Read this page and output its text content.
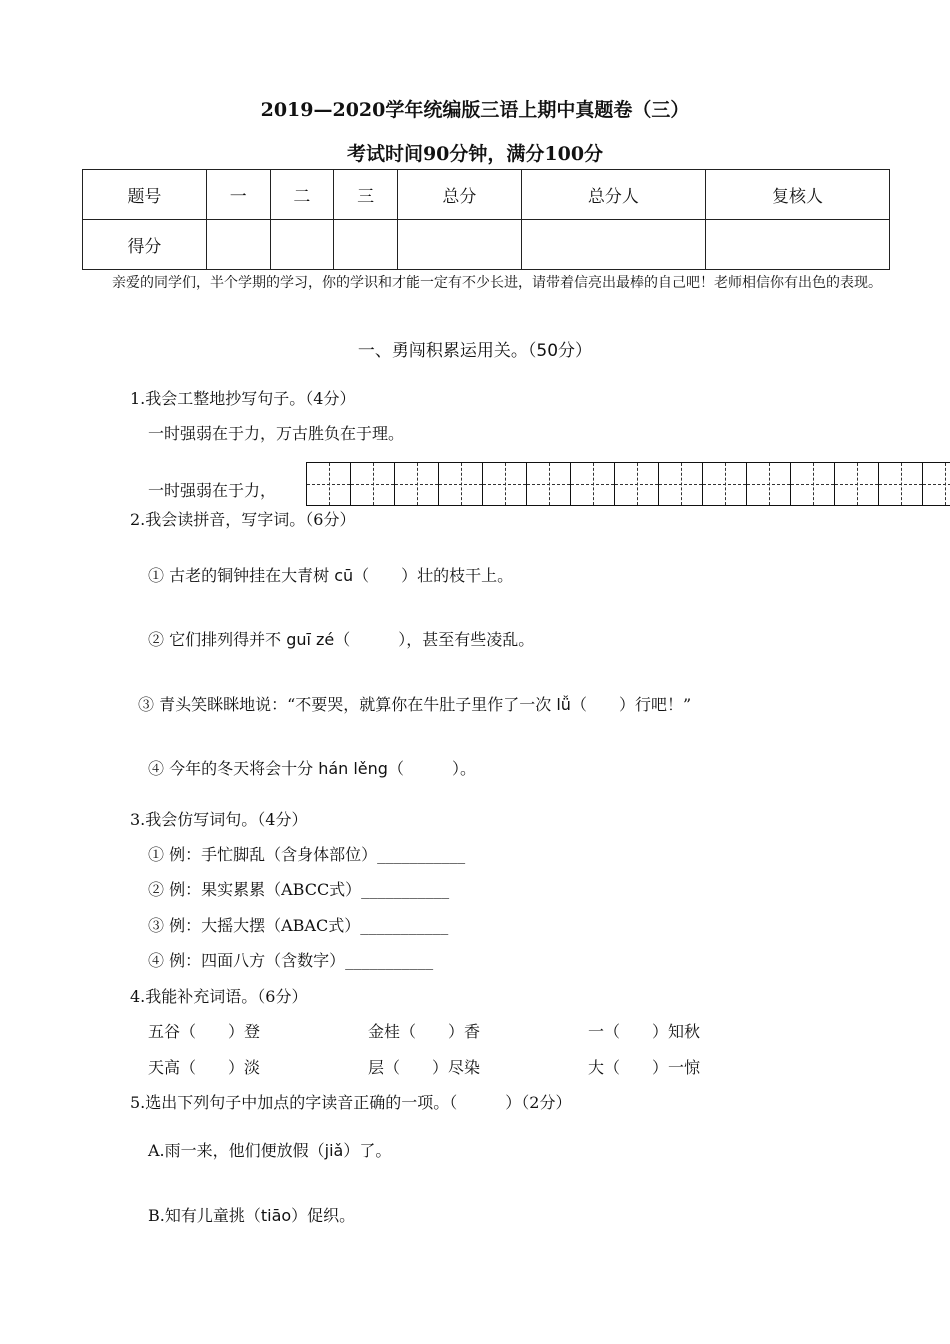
2019—2020学年统编版三语上期中真题卷（三）
考试时间90分钟，满分100分
题号	一	二	三	总分	总分人	复核人
得分						
亲爱的同学们，半个学期的学习，你的学识和才能一定有不少长进，请带着信亮出最棒的自己吧！老师相信你有出色的表现。
一、勇闯积累运用关。（50分）
1.我会工整地抄写句子。（4分）
一时强弱在于力，万古胜负在于理。
一时强弱在于力，
2.我会读拼音，写字词。（6分）
① 古老的铜钟挂在大青树 cū（　　）壮的枝干上。
② 它们排列得并不 guī zé（　　　），甚至有些凌乱。
③ 青头笑眯眯地说：“不要哭，就算你在牛肚子里作了一次 lǚ（　　）行吧！”
④ 今年的冬天将会十分 hán lěng（　　　）。
3.我会仿写词句。（4分）
① 例：手忙脚乱（含身体部位）___________
② 例：果实累累（ABCC式）___________
③ 例：大摇大摆（ABAC式）___________
④ 例：四面八方（含数字）___________
4.我能补充词语。（6分）
五谷（　　）登	金桂（　　）香	一（　　）知秋
天高（　　）淡	层（　　）尽染	大（　　）一惊
5.选出下列句子中加点的字读音正确的一项。（　　　）（2分）
A.雨一来，他们便放假（jiǎ）了。
B.知有儿童挑（tiāo）促织。
